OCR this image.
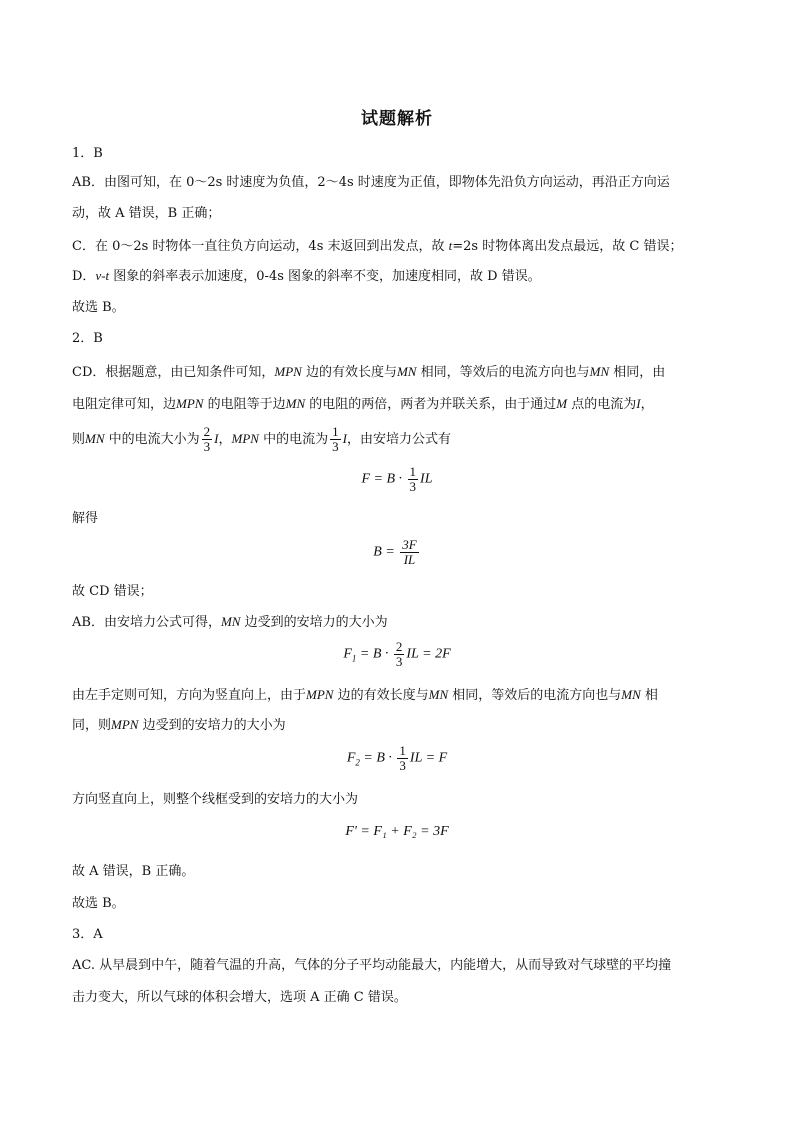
试题解析
1．B
AB．由图可知，在 0～2s 时速度为负值，2～4s 时速度为正值，即物体先沿负方向运动，再沿正方向运
动，故 A 错误，B 正确；
C．在 0～2s 时物体一直往负方向运动，4s 末返回到出发点，故 t=2s 时物体离出发点最远，故 C 错误；
D．v-t 图象的斜率表示加速度，0-4s 图象的斜率不变，加速度相同，故 D 错误。
故选 B。
2．B
CD．根据题意，由已知条件可知，MPN 边的有效长度与MN 相同，等效后的电流方向也与MN 相同，由
电阻定律可知，边MPN 的电阻等于边MN 的电阻的两倍，两者为并联关系，由于通过M 点的电流为I，
则MN 中的电流大小为 $\frac{2}{3}$ I，MPN 中的电流为 $\frac{1}{3}$ I，由安培力公式有
$F = B \cdot \frac{1}{3}$ IL
解得
$B = \frac{3F}{IL}$
故 CD 错误；
AB．由安培力公式可得，MN 边受到的安培力的大小为
$F_1 = B \cdot \frac{2}{3}$ IL = 2F
由左手定则可知，方向为竖直向上，由于MPN 边的有效长度与MN 相同，等效后的电流方向也与MN 相
同，则MPN 边受到的安培力的大小为
$F_2 = B \cdot \frac{1}{3}$ IL = F
方向竖直向上，则整个线框受到的安培力的大小为
F′ = F₁ + F₂ = 3F
故 A 错误，B 正确。
故选 B。
3．A
AC. 从早晨到中午，随着气温的升高，气体的分子平均动能最大，内能增大，从而导致对气球壁的平均撞
击力变大，所以气球的体积会增大，选项 A 正确 C 错误。
